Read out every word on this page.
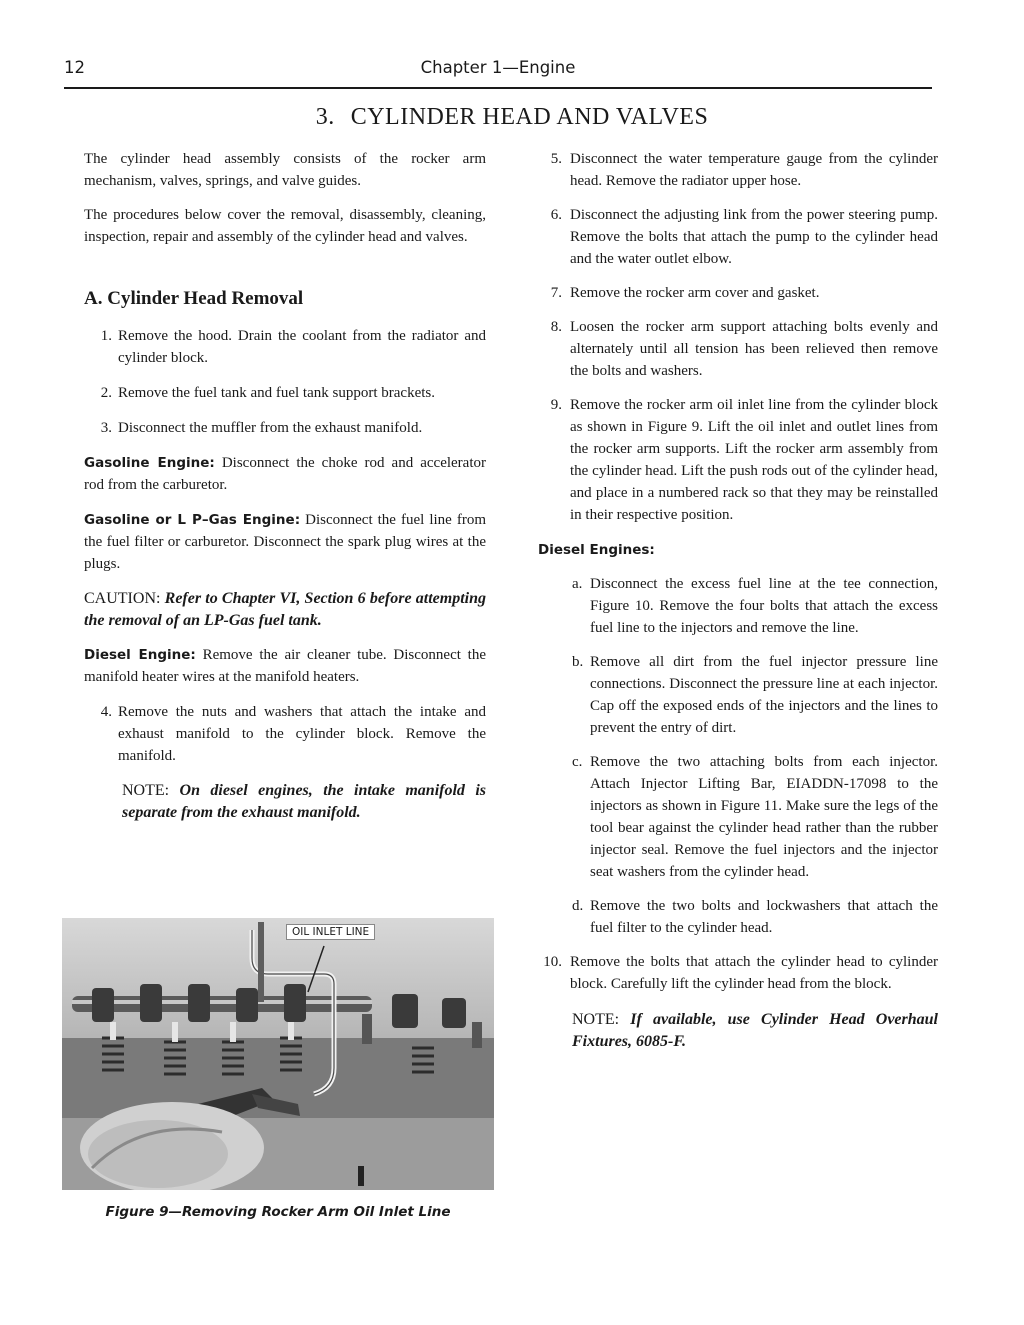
12	Chapter 1—Engine
3. CYLINDER HEAD AND VALVES

The cylinder head assembly consists of the rocker arm mechanism, valves, springs, and valve guides.

The procedures below cover the removal, disassembly, cleaning, inspection, repair and assembly of the cylinder head and valves.

A. Cylinder Head Removal
1. Remove the hood. Drain the coolant from the radiator and cylinder block.

2. Remove the fuel tank and fuel tank support brackets.

3. Disconnect the muffler from the exhaust manifold.

Gasoline Engine: Disconnect the choke rod and accelerator rod from the carburetor.

Gasoline or L P–Gas Engine: Disconnect the fuel line from the fuel filter or carburetor. Disconnect the spark plug wires at the plugs.

CAUTION: Refer to Chapter VI, Section 6 before attempting the removal of an LP-Gas fuel tank.

Diesel Engine: Remove the air cleaner tube. Disconnect the manifold heater wires at the manifold heaters.

4. Remove the nuts and washers that attach the intake and exhaust manifold to the cylinder block. Remove the manifold.

NOTE: On diesel engines, the intake manifold is separate from the exhaust manifold.

OIL INLET LINE
Figure 9—Removing Rocker Arm Oil Inlet Line
5. Disconnect the water temperature gauge from the cylinder head. Remove the radiator upper hose.

6. Disconnect the adjusting link from the power steering pump. Remove the bolts that attach the pump to the cylinder head and the water outlet elbow.

7. Remove the rocker arm cover and gasket.

8. Loosen the rocker arm support attaching bolts evenly and alternately until all tension has been relieved then remove the bolts and washers.

9. Remove the rocker arm oil inlet line from the cylinder block as shown in Figure 9. Lift the oil inlet and outlet lines from the rocker arm supports. Lift the rocker arm assembly from the cylinder head. Lift the push rods out of the cylinder head, and place in a numbered rack so that they may be reinstalled in their respective position.

Diesel Engines:

a. Disconnect the excess fuel line at the tee connection, Figure 10. Remove the four bolts that attach the excess fuel line to the injectors and remove the line.

b. Remove all dirt from the fuel injector pressure line connections. Disconnect the pressure line at each injector. Cap off the exposed ends of the injectors and the lines to prevent the entry of dirt.

c. Remove the two attaching bolts from each injector. Attach Injector Lifting Bar, EIADDN-17098 to the injectors as shown in Figure 11. Make sure the legs of the tool bear against the cylinder head rather than the rubber injector seal. Remove the fuel injectors and the injector seat washers from the cylinder head.

d. Remove the two bolts and lockwashers that attach the fuel filter to the cylinder head.

10. Remove the bolts that attach the cylinder head to cylinder block. Carefully lift the cylinder head from the block.

NOTE: If available, use Cylinder Head Overhaul Fixtures, 6085-F.
